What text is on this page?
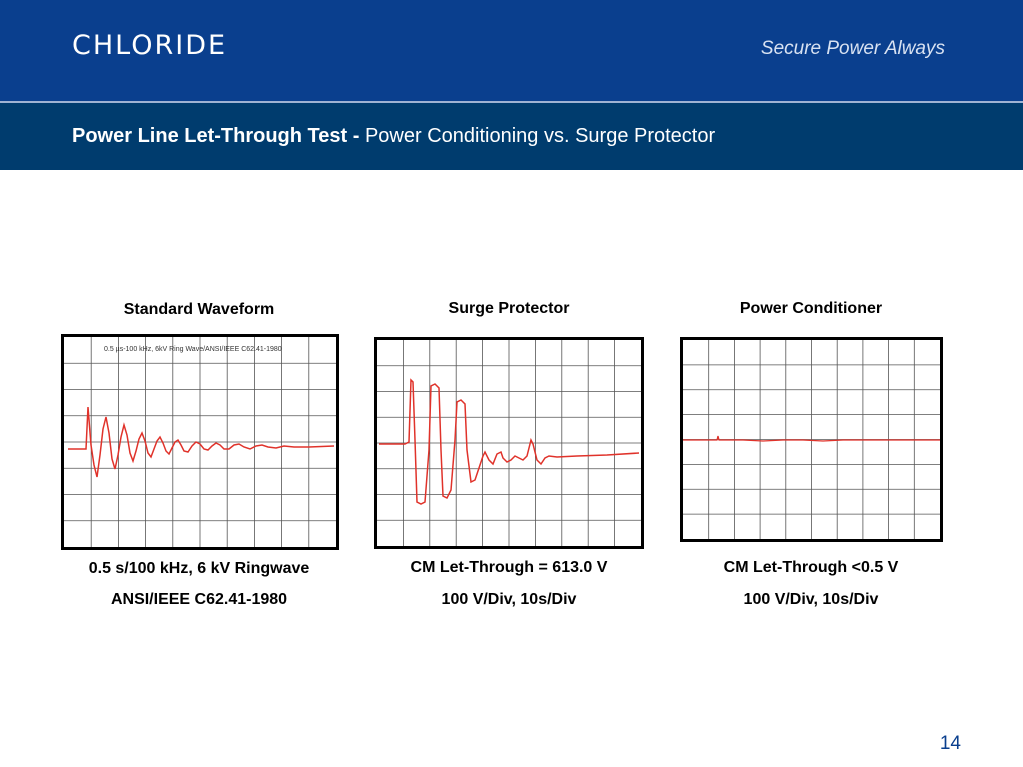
CHLORIDE	Secure Power Always
Power Line Let-Through Test - Power Conditioning vs. Surge Protector
Standard Waveform
0.5 µs-100 kHz, 6kV Ring Wave/ANSI/IEEE C62.41-1980
0.5 s/100 kHz, 6 kV Ringwave
ANSI/IEEE C62.41-1980
Surge Protector
CM Let-Through = 613.0 V
100 V/Div, 10s/Div
Power Conditioner
CM Let-Through <0.5 V
100 V/Div, 10s/Div
14
